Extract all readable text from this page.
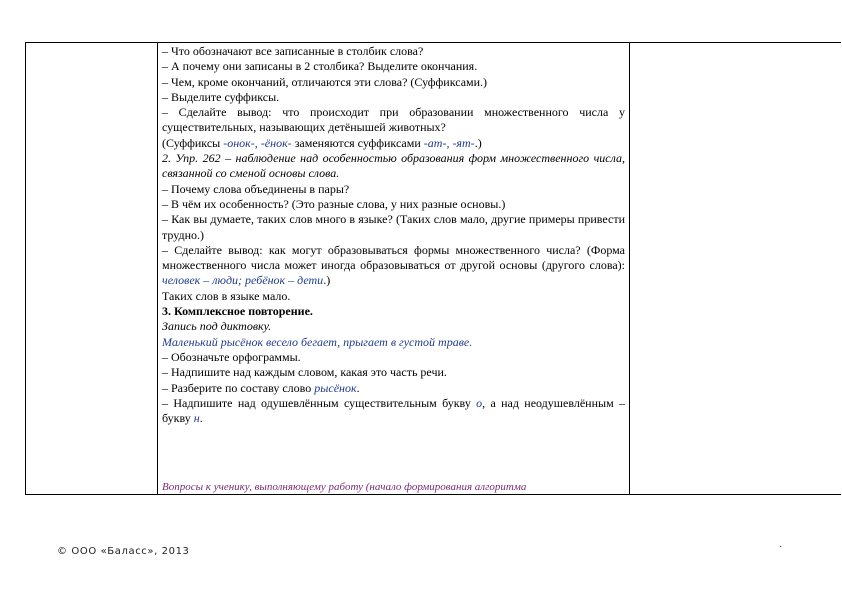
– Что обозначают все записанные в столбик слова?

– А почему они записаны в 2 столбика? Выделите окончания.

– Чем, кроме окончаний, отличаются эти слова? (Суффиксами.)

– Выделите суффиксы.

– Сделайте вывод: что происходит при образовании множественного числа у существительных, называющих детёнышей животных?

(Суффиксы -онок-, -ёнок- заменяются суффиксами -ат-, -ят-.)

2. Упр. 262 – наблюдение над особенностью образования форм множественного числа, связанной со сменой основы слова.

– Почему слова объединены в пары?

– В чём их особенность? (Это разные слова, у них разные основы.)

– Как вы думаете, таких слов много в языке? (Таких слов мало, другие примеры привести трудно.)

– Сделайте вывод: как могут образовываться формы множественного числа? (Форма множественного числа может иногда образовываться от другой основы (другого слова): человек – люди; ребёнок – дети.)

Таких слов в языке мало.

3. Комплексное повторение.

Запись под диктовку.

Маленький рысёнок весело бегает, прыгает в густой траве.

– Обозначьте орфограммы.

– Надпишите над каждым словом, какая это часть речи.

– Разберите по составу слово рысёнок.

– Надпишите над одушевлённым существительным букву о, а над неодушевлённым – букву н.

Вопросы к ученику, выполняющему работу (начало формирования алгоритма
© ООО «Баласс», 2013	·
